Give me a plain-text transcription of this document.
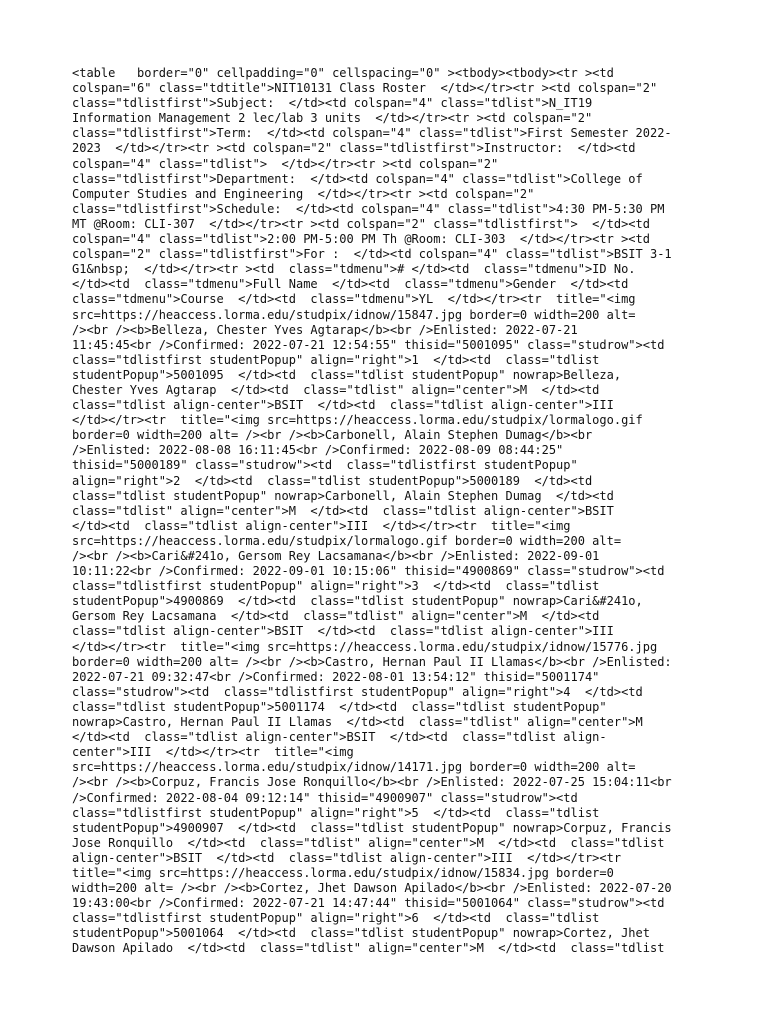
<table   border="0" cellpadding="0" cellspacing="0" ><tbody><tbody><tr ><td
colspan="6" class="tdtitle">NIT10131 Class Roster  </td></tr><tr ><td colspan="2"
class="tdlistfirst">Subject:  </td><td colspan="4" class="tdlist">N_IT19
Information Management 2 lec/lab 3 units  </td></tr><tr ><td colspan="2"
class="tdlistfirst">Term:  </td><td colspan="4" class="tdlist">First Semester 2022-
2023  </td></tr><tr ><td colspan="2" class="tdlistfirst">Instructor:  </td><td
colspan="4" class="tdlist">  </td></tr><tr ><td colspan="2"
class="tdlistfirst">Department:  </td><td colspan="4" class="tdlist">College of
Computer Studies and Engineering  </td></tr><tr ><td colspan="2"
class="tdlistfirst">Schedule:  </td><td colspan="4" class="tdlist">4:30 PM-5:30 PM
MT @Room: CLI-307  </td></tr><tr ><td colspan="2" class="tdlistfirst">  </td><td
colspan="4" class="tdlist">2:00 PM-5:00 PM Th @Room: CLI-303  </td></tr><tr ><td
colspan="2" class="tdlistfirst">For :  </td><td colspan="4" class="tdlist">BSIT 3-1
G1&nbsp;  </td></tr><tr ><td  class="tdmenu"># </td><td  class="tdmenu">ID No.
</td><td  class="tdmenu">Full Name  </td><td  class="tdmenu">Gender  </td><td
class="tdmenu">Course  </td><td  class="tdmenu">YL  </td></tr><tr  title="<img
src=https://heaccess.lorma.edu/studpix/idnow/15847.jpg border=0 width=200 alt=
/><br /><b>Belleza, Chester Yves Agtarap</b><br />Enlisted: 2022-07-21
11:45:45<br />Confirmed: 2022-07-21 12:54:55" thisid="5001095" class="studrow"><td
class="tdlistfirst studentPopup" align="right">1  </td><td  class="tdlist
studentPopup">5001095  </td><td  class="tdlist studentPopup" nowrap>Belleza,
Chester Yves Agtarap  </td><td  class="tdlist" align="center">M  </td><td
class="tdlist align-center">BSIT  </td><td  class="tdlist align-center">III
</td></tr><tr  title="<img src=https://heaccess.lorma.edu/studpix/lormalogo.gif
border=0 width=200 alt= /><br /><b>Carbonell, Alain Stephen Dumag</b><br
/>Enlisted: 2022-08-08 16:11:45<br />Confirmed: 2022-08-09 08:44:25"
thisid="5000189" class="studrow"><td  class="tdlistfirst studentPopup"
align="right">2  </td><td  class="tdlist studentPopup">5000189  </td><td
class="tdlist studentPopup" nowrap>Carbonell, Alain Stephen Dumag  </td><td
class="tdlist" align="center">M  </td><td  class="tdlist align-center">BSIT
</td><td  class="tdlist align-center">III  </td></tr><tr  title="<img
src=https://heaccess.lorma.edu/studpix/lormalogo.gif border=0 width=200 alt=
/><br /><b>Cari&#241o, Gersom Rey Lacsamana</b><br />Enlisted: 2022-09-01
10:11:22<br />Confirmed: 2022-09-01 10:15:06" thisid="4900869" class="studrow"><td
class="tdlistfirst studentPopup" align="right">3  </td><td  class="tdlist
studentPopup">4900869  </td><td  class="tdlist studentPopup" nowrap>Cari&#241o,
Gersom Rey Lacsamana  </td><td  class="tdlist" align="center">M  </td><td
class="tdlist align-center">BSIT  </td><td  class="tdlist align-center">III
</td></tr><tr  title="<img src=https://heaccess.lorma.edu/studpix/idnow/15776.jpg
border=0 width=200 alt= /><br /><b>Castro, Hernan Paul II Llamas</b><br />Enlisted:
2022-07-21 09:32:47<br />Confirmed: 2022-08-01 13:54:12" thisid="5001174"
class="studrow"><td  class="tdlistfirst studentPopup" align="right">4  </td><td
class="tdlist studentPopup">5001174  </td><td  class="tdlist studentPopup"
nowrap>Castro, Hernan Paul II Llamas  </td><td  class="tdlist" align="center">M
</td><td  class="tdlist align-center">BSIT  </td><td  class="tdlist align-
center">III  </td></tr><tr  title="<img
src=https://heaccess.lorma.edu/studpix/idnow/14171.jpg border=0 width=200 alt=
/><br /><b>Corpuz, Francis Jose Ronquillo</b><br />Enlisted: 2022-07-25 15:04:11<br
/>Confirmed: 2022-08-04 09:12:14" thisid="4900907" class="studrow"><td
class="tdlistfirst studentPopup" align="right">5  </td><td  class="tdlist
studentPopup">4900907  </td><td  class="tdlist studentPopup" nowrap>Corpuz, Francis
Jose Ronquillo  </td><td  class="tdlist" align="center">M  </td><td  class="tdlist
align-center">BSIT  </td><td  class="tdlist align-center">III  </td></tr><tr
title="<img src=https://heaccess.lorma.edu/studpix/idnow/15834.jpg border=0
width=200 alt= /><br /><b>Cortez, Jhet Dawson Apilado</b><br />Enlisted: 2022-07-20
19:43:00<br />Confirmed: 2022-07-21 14:47:44" thisid="5001064" class="studrow"><td
class="tdlistfirst studentPopup" align="right">6  </td><td  class="tdlist
studentPopup">5001064  </td><td  class="tdlist studentPopup" nowrap>Cortez, Jhet
Dawson Apilado  </td><td  class="tdlist" align="center">M  </td><td  class="tdlist
